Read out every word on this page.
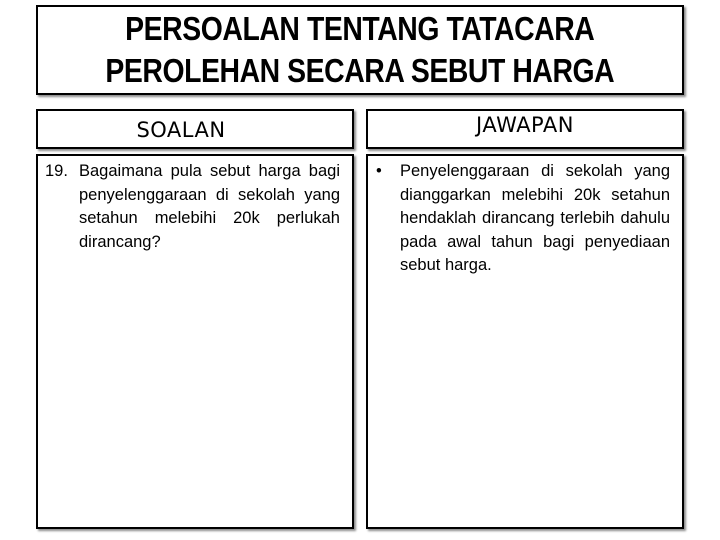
PERSOALAN TENTANG TATACARA
PEROLEHAN SECARA SEBUT HARGA
SOALAN	JAWAPAN
19. Bagaimana pula sebut harga bagi penyelenggaraan di sekolah yang setahun melebihi 20k perlukah dirancang?
•	Penyelenggaraan di sekolah yang dianggarkan melebihi 20k setahun hendaklah dirancang terlebih dahulu pada awal tahun bagi penyediaan sebut harga.
